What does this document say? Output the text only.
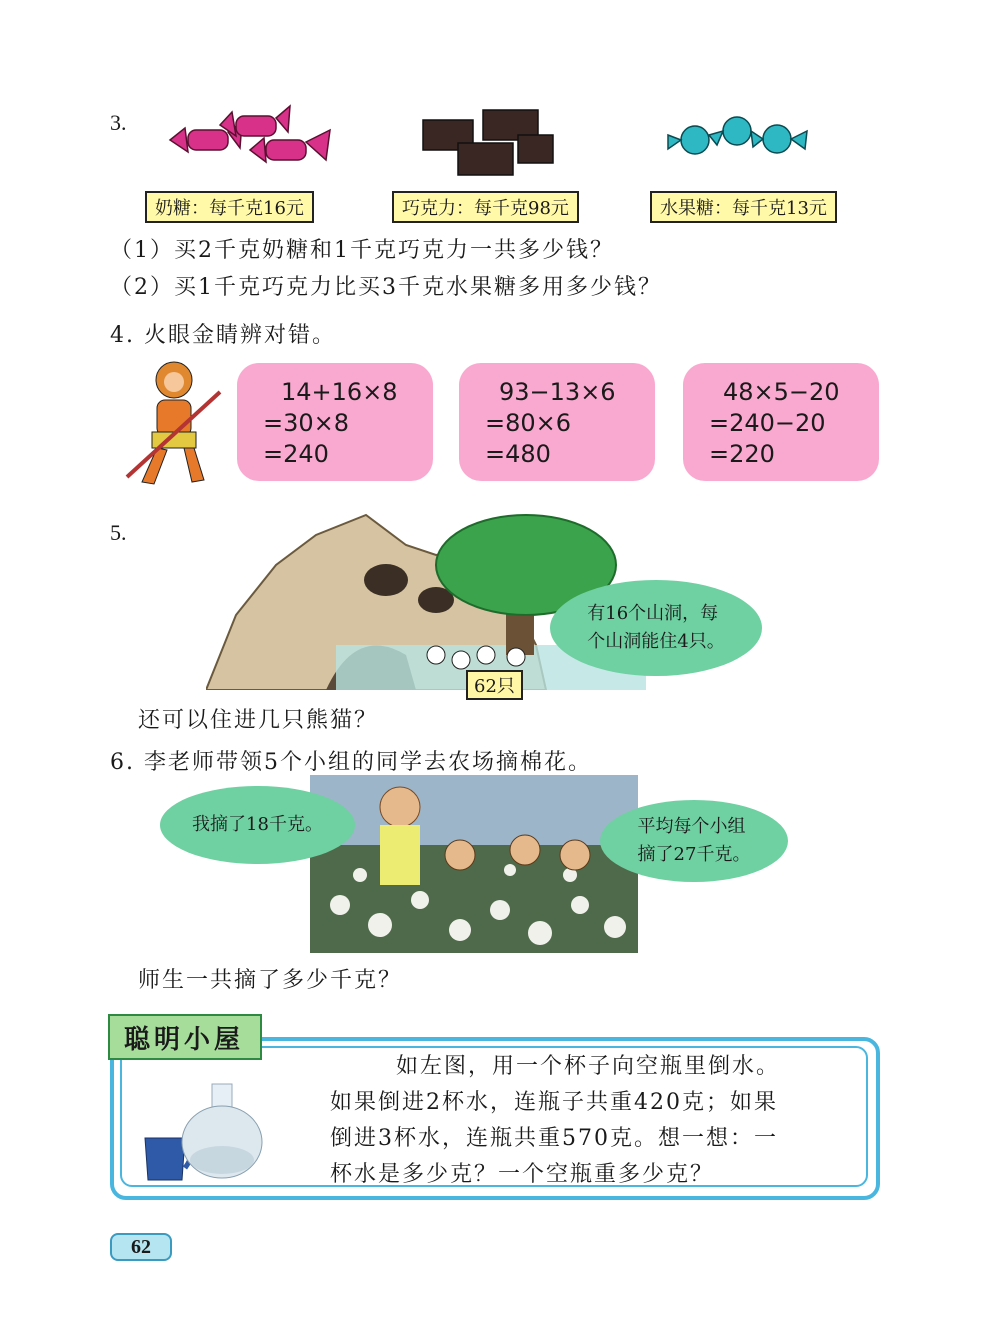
3.
奶糖：每千克16元	巧克力：每千克98元	水果糖：每千克13元
（1）买2千克奶糖和1千克巧克力一共多少钱？
（2）买1千克巧克力比买3千克水果糖多用多少钱？
4. 火眼金睛辨对错。
14+16×8
=30×8
=240
93−13×6
=80×6
=480
48×5−20
=240−20
=220
5.
有16个山洞，每
个山洞能住4只。
62只
还可以住进几只熊猫？
6. 李老师带领5个小组的同学去农场摘棉花。
我摘了18千克。	平均每个小组
摘了27千克。
师生一共摘了多少千克？
聪明小屋
如左图，用一个杯子向空瓶里倒水。
如果倒进2杯水，连瓶子共重420克；如果
倒进3杯水，连瓶共重570克。想一想：一
杯水是多少克？一个空瓶重多少克？
62
